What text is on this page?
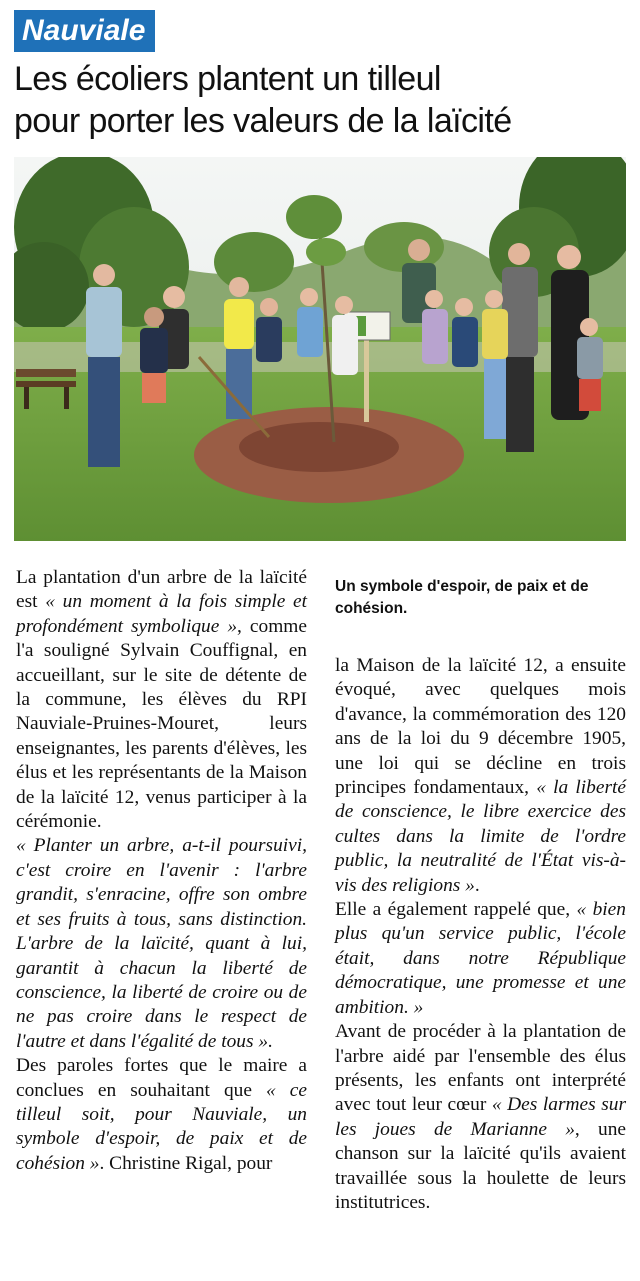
Nauviale
Les écoliers plantent un tilleul
pour porter les valeurs de la laïcité

La plantation d'un arbre de la laïcité est « un moment à la fois simple et profondément symbolique », comme l'a souligné Sylvain Couffignal, en accueillant, sur le site de détente de la commune, les élèves du RPI Nauviale-Pruines-Mouret, leurs enseignantes, les parents d'élèves, les élus et les représentants de la Maison de la laïcité 12, venus participer à la cérémonie.

« Planter un arbre, a-t-il poursuivi, c'est croire en l'avenir : l'arbre grandit, s'enracine, offre son ombre et ses fruits à tous, sans distinction. L'arbre de la laïcité, quant à lui, garantit à chacun la liberté de conscience, la liberté de croire ou de ne pas croire dans le respect de l'autre et dans l'égalité de tous ».

Des paroles fortes que le maire a conclues en souhaitant que « ce tilleul soit, pour Nauviale, un symbole d'espoir, de paix et de cohésion ». Christine Rigal, pour

Un symbole d'espoir, de paix et de cohésion.

la Maison de la laïcité 12, a ensuite évoqué, avec quelques mois d'avance, la commémoration des 120 ans de la loi du 9 décembre 1905, une loi qui se décline en trois principes fondamentaux, « la liberté de conscience, le libre exercice des cultes dans la limite de l'ordre public, la neutralité de l'État vis-à-vis des religions ».

Elle a également rappelé que, « bien plus qu'un service public, l'école était, dans notre République démocratique, une promesse et une ambition. »

Avant de procéder à la plantation de l'arbre aidé par l'ensemble des élus présents, les enfants ont interprété avec tout leur cœur « Des larmes sur les joues de Marianne », une chanson sur la laïcité qu'ils avaient travaillée sous la houlette de leurs institutrices.
